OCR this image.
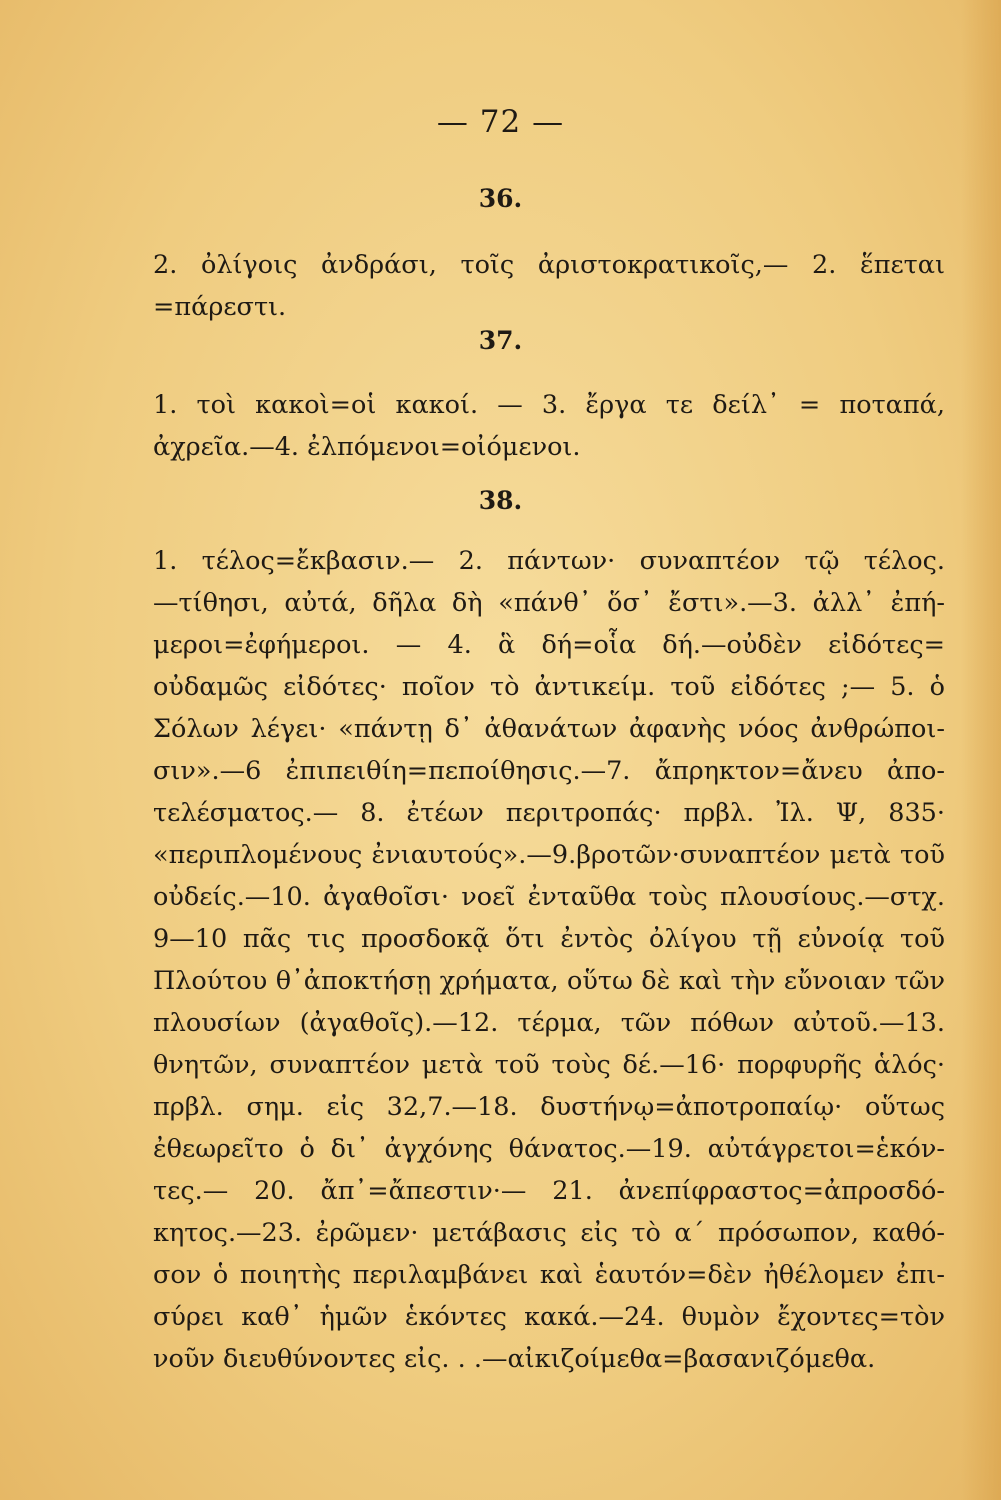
— 72 —
36.
2. ὀλίγοις ἀνδράσι, τοῖς ἀριστοκρατικοῖς,— 2. ἕπεται
=πάρεστι.
37.
1. τοὶ κακοὶ=οἱ κακοί. — 3. ἔργα τε δείλ᾽ = ποταπά,
ἀχρεῖα.—4. ἐλπόμενοι=οἰόμενοι.
38.
1. τέλος=ἔκβασιν.— 2. πάντων· συναπτέον τῷ τέλος.
—τίθησι, αὐτά, δῆλα δὴ «πάνθ᾽ ὅσ᾽ ἔστι».—3. ἀλλ᾽ ἐπή-
μεροι=ἐφήμεροι. — 4. ἃ δή=οἷα δή.—οὐδὲν εἰδότες=
οὐδαμῶς εἰδότες· ποῖον τὸ ἀντικείμ. τοῦ εἰδότες ;— 5. ὁ
Σόλων λέγει· «πάντῃ δ᾽ ἀθανάτων ἀφανὴς νόος ἀνθρώποι-
σιν».—6 ἐπιπειθίη=πεποίθησις.—7. ἄπρηκτον=ἄνευ ἀπο-
τελέσματος.— 8. ἐτέων περιτροπάς· πρβλ. Ἰλ. Ψ, 835·
«περιπλομένους ἐνιαυτούς».—9.βροτῶν·συναπτέον μετὰ τοῦ
οὐδείς.—10. ἀγαθοῖσι· νοεῖ ἐνταῦθα τοὺς πλουσίους.—στχ.
9—10 πᾶς τις προσδοκᾷ ὅτι ἐντὸς ὀλίγου τῇ εὐνοίᾳ τοῦ
Πλούτου θ᾽ἀποκτήσῃ χρήματα, οὕτω δὲ καὶ τὴν εὔνοιαν τῶν
πλουσίων (ἀγαθοῖς).—12. τέρμα, τῶν πόθων αὐτοῦ.—13.
θνητῶν, συναπτέον μετὰ τοῦ τοὺς δέ.—16· πορφυρῆς ἁλός·
πρβλ. σημ. εἰς 32,7.—18. δυστήνῳ=ἀποτροπαίῳ· οὕτως
ἐθεωρεῖτο ὁ δι᾽ ἀγχόνης θάνατος.—19. αὐτάγρετοι=ἑκόν-
τες.— 20. ἄπ᾽=ἄπεστιν·— 21. ἀνεπίφραστος=ἀπροσδό-
κητος.—23. ἐρῶμεν· μετάβασις εἰς τὸ α´ πρόσωπον, καθό-
σον ὁ ποιητὴς περιλαμβάνει καὶ ἑαυτόν=δὲν ἠθέλομεν ἐπι-
σύρει καθ᾽ ἡμῶν ἑκόντες κακά.—24. θυμὸν ἔχοντες=τὸν
νοῦν διευθύνοντες εἰς. . .—αἰκιζοίμεθα=βασανιζόμεθα.
